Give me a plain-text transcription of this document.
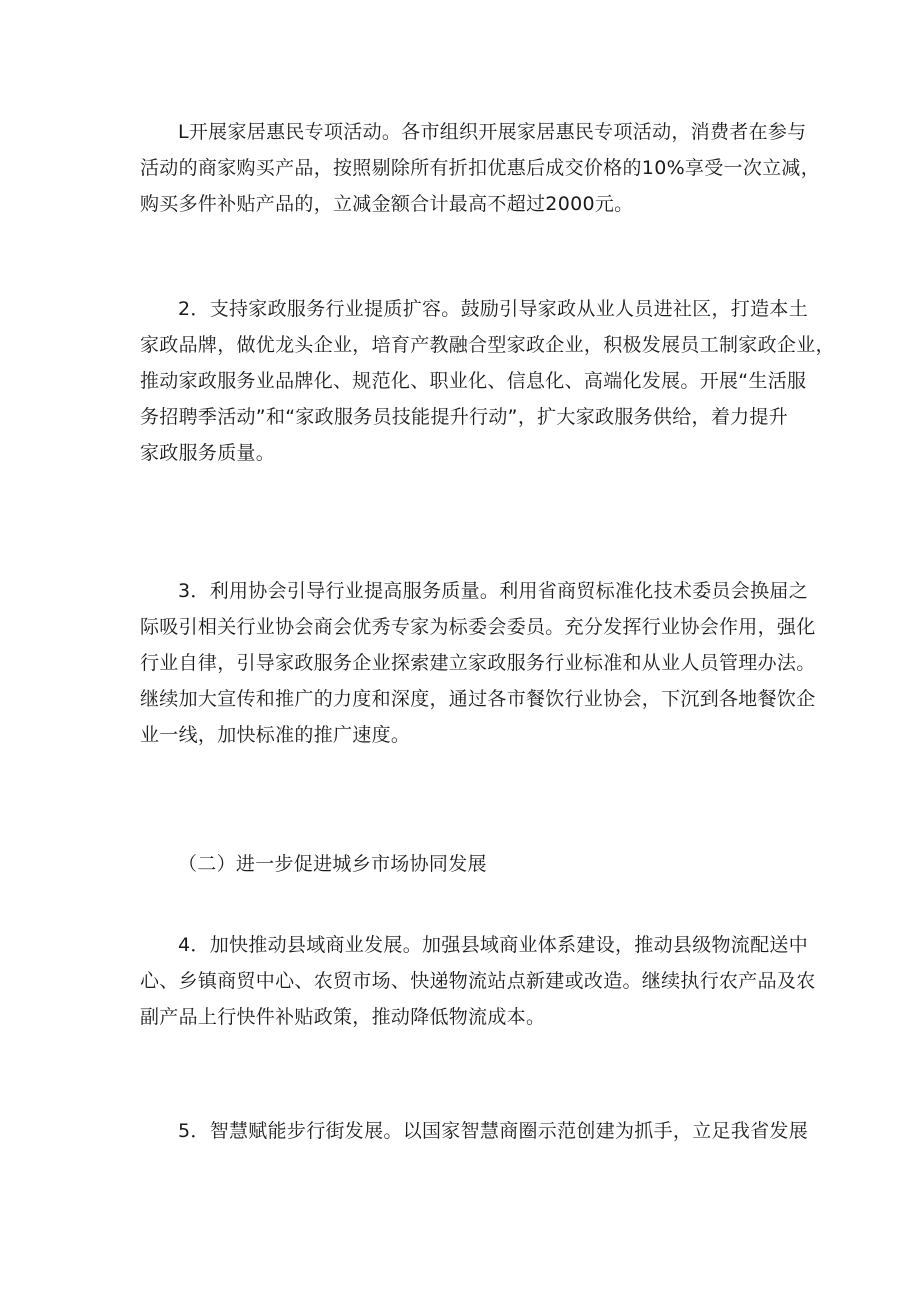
L开展家居惠民专项活动。各市组织开展家居惠民专项活动，消费者在参与
活动的商家购买产品，按照剔除所有折扣优惠后成交价格的10%享受一次立减，
购买多件补贴产品的，立减金额合计最高不超过2000元。

2．支持家政服务行业提质扩容。鼓励引导家政从业人员进社区，打造本土
家政品牌，做优龙头企业，培育产教融合型家政企业，积极发展员工制家政企业，
推动家政服务业品牌化、规范化、职业化、信息化、高端化发展。开展“生活服
务招聘季活动”和“家政服务员技能提升行动”，扩大家政服务供给，着力提升
家政服务质量。

3．利用协会引导行业提高服务质量。利用省商贸标准化技术委员会换届之
际吸引相关行业协会商会优秀专家为标委会委员。充分发挥行业协会作用，强化
行业自律，引导家政服务企业探索建立家政服务行业标准和从业人员管理办法。
继续加大宣传和推广的力度和深度，通过各市餐饮行业协会，下沉到各地餐饮企
业一线，加快标准的推广速度。

（二）进一步促进城乡市场协同发展

4．加快推动县域商业发展。加强县域商业体系建设，推动县级物流配送中
心、乡镇商贸中心、农贸市场、快递物流站点新建或改造。继续执行农产品及农
副产品上行快件补贴政策，推动降低物流成本。

5．智慧赋能步行街发展。以国家智慧商圈示范创建为抓手，立足我省发展
